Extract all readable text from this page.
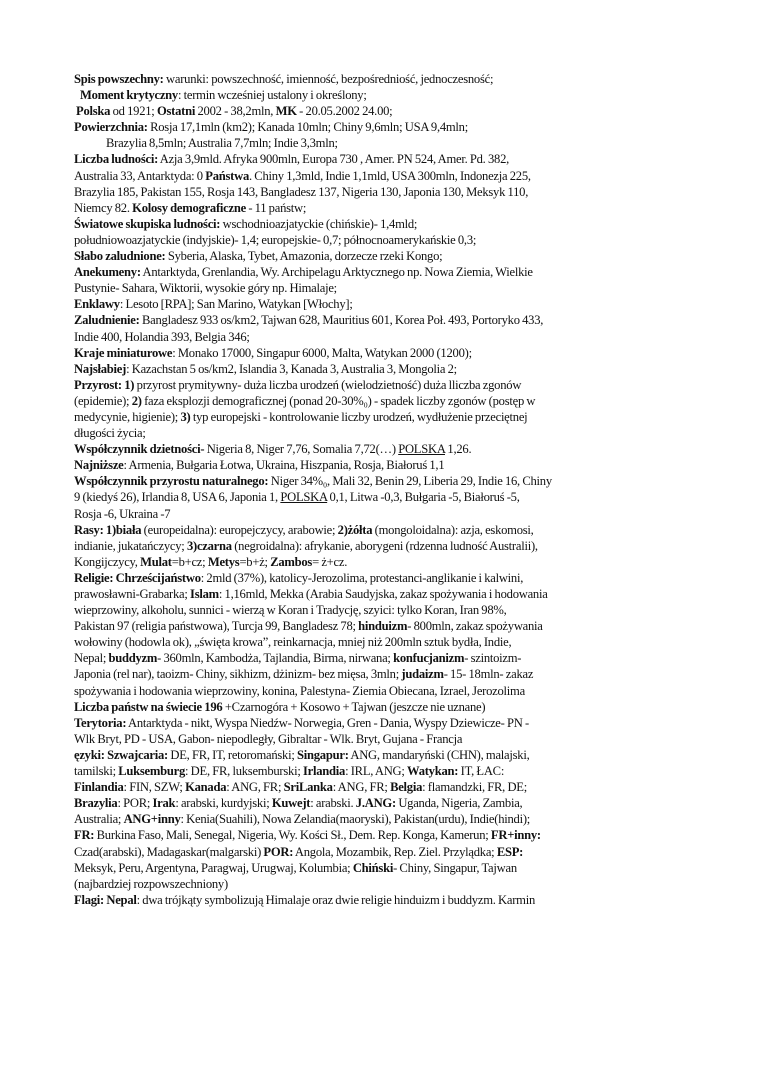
Spis powszechny: warunki: powszechność, imienność, bezpośredniość, jednoczesność;
Moment krytyczny: termin wcześniej ustalony i określony;
Polska od 1921; Ostatni 2002 - 38,2mln, MK - 20.05.2002 24.00;
Powierzchnia: Rosja 17,1mln (km2); Kanada 10mln; Chiny 9,6mln; USA 9,4mln;
Brazylia 8,5mln; Australia 7,7mln; Indie 3,3mln;
Liczba ludności: Azja 3,9mld. Afryka 900mln, Europa 730 , Amer. PN 524, Amer. Pd. 382,
Australia 33, Antarktyda: 0 Państwa. Chiny 1,3mld, Indie 1,1mld, USA 300mln, Indonezja 225,
Brazylia 185, Pakistan 155, Rosja 143, Bangladesz 137, Nigeria 130, Japonia 130, Meksyk 110,
Niemcy 82. Kolosy demograficzne - 11 państw;
Światowe skupiska ludności: wschodnioazjatyckie (chińskie)- 1,4mld;
południowoazjatyckie (indyjskie)- 1,4; europejskie- 0,7; północnoamerykańskie 0,3;
Słabo zaludnione: Syberia, Alaska, Tybet, Amazonia, dorzecze rzeki Kongo;
Anekumeny: Antarktyda, Grenlandia, Wy. Archipelagu Arktycznego np. Nowa Ziemia, Wielkie
Pustynie- Sahara, Wiktorii, wysokie góry np. Himalaje;
Enklawy: Lesoto [RPA]; San Marino, Watykan [Włochy];
Zaludnienie: Bangladesz 933 os/km2, Tajwan 628, Mauritius 601, Korea Poł. 493, Portoryko 433,
Indie 400, Holandia 393, Belgia 346;
Kraje miniaturowe: Monako 17000, Singapur 6000, Malta, Watykan 2000 (1200);
Najsłabiej: Kazachstan 5 os/km2, Islandia 3, Kanada 3, Australia 3, Mongolia 2;
Przyrost: 1) przyrost prymitywny- duża liczba urodzeń (wielodzietność) duża lliczba zgonów
(epidemie); 2) faza eksplozji demograficznej (ponad 20-30%₀) - spadek liczby zgonów (postęp w
medycynie, higienie); 3) typ europejski - kontrolowanie liczby urodzeń, wydłużenie przeciętnej
długości życia;
Współczynnik dzietności- Nigeria 8, Niger 7,76, Somalia 7,72(…) POLSKA 1,26.
Najniższe: Armenia, Bułgaria Łotwa, Ukraina, Hiszpania, Rosja, Białoruś 1,1
Współczynnik przyrostu naturalnego: Niger 34%₀, Mali 32, Benin 29, Liberia 29, Indie 16, Chiny
9 (kiedyś 26), Irlandia 8, USA 6, Japonia 1, POLSKA 0,1, Litwa -0,3, Bułgaria -5, Białoruś -5,
Rosja -6, Ukraina -7
Rasy: 1)biała (europeidalna): europejczycy, arabowie; 2)żółta (mongoloidalna): azja, eskomosi,
indianie, jukatańczycy; 3)czarna (negroidalna): afrykanie, aborygeni (rdzenna ludność Australii),
Kongijczycy, Mulat=b+cz; Metys=b+ż; Zambos= ż+cz.
Religie: Chrześcijaństwo: 2mld (37%), katolicy-Jerozolima, protestanci-anglikanie i kalwini,
prawosławni-Grabarka; Islam: 1,16mld, Mekka (Arabia Saudyjska, zakaz spożywania i hodowania
wieprzowiny, alkoholu, sunnici - wierzą w Koran i Tradycję, szyici: tylko Koran, Iran 98%,
Pakistan 97 (religia państwowa), Turcja 99, Bangladesz 78; hinduizm- 800mln, zakaz spożywania
wołowiny (hodowla ok), „święta krowa”, reinkarnacja, mniej niż 200mln sztuk bydła, Indie,
Nepal; buddyzm- 360mln, Kambodża, Tajlandia, Birma, nirwana; konfucjanizm- szintoizm-
Japonia (rel nar), taoizm- Chiny, sikhizm, dżinizm- bez mięsa, 3mln; judaizm- 15- 18mln- zakaz
spożywania i hodowania wieprzowiny, konina, Palestyna- Ziemia Obiecana, Izrael, Jerozolima
Liczba państw na świecie 196 +Czarnogóra + Kosowo + Tajwan (jeszcze nie uznane)
Terytoria: Antarktyda - nikt, Wyspa Niedźw- Norwegia, Gren - Dania, Wyspy Dziewicze- PN -
Wlk Bryt, PD - USA, Gabon- niepodległy, Gibraltar - Wlk. Bryt, Gujana - Francja
ęzyki: Szwajcaria: DE, FR, IT, retoromański; Singapur: ANG, mandaryński (CHN), malajski,
tamilski; Luksemburg: DE, FR, luksemburski; Irlandia: IRL, ANG; Watykan: IT, ŁAC:
Finlandia: FIN, SZW; Kanada: ANG, FR; SriLanka: ANG, FR; Belgia: flamandzki, FR, DE;
Brazylia: POR; Irak: arabski, kurdyjski; Kuwejt: arabski. J.ANG: Uganda, Nigeria, Zambia,
Australia; ANG+inny: Kenia(Suahili), Nowa Zelandia(maoryski), Pakistan(urdu), Indie(hindi);
FR: Burkina Faso, Mali, Senegal, Nigeria, Wy. Kości Sł., Dem. Rep. Konga, Kamerun; FR+inny:
Czad(arabski), Madagaskar(malgarski) POR: Angola, Mozambik, Rep. Ziel. Przylądka; ESP:
Meksyk, Peru, Argentyna, Paragwaj, Urugwaj, Kolumbia; Chiński- Chiny, Singapur, Tajwan
(najbardziej rozpowszechniony)
Flagi: Nepal: dwa trójkąty symbolizują Himalaje oraz dwie religie hinduizm i buddyzm. Karmin
